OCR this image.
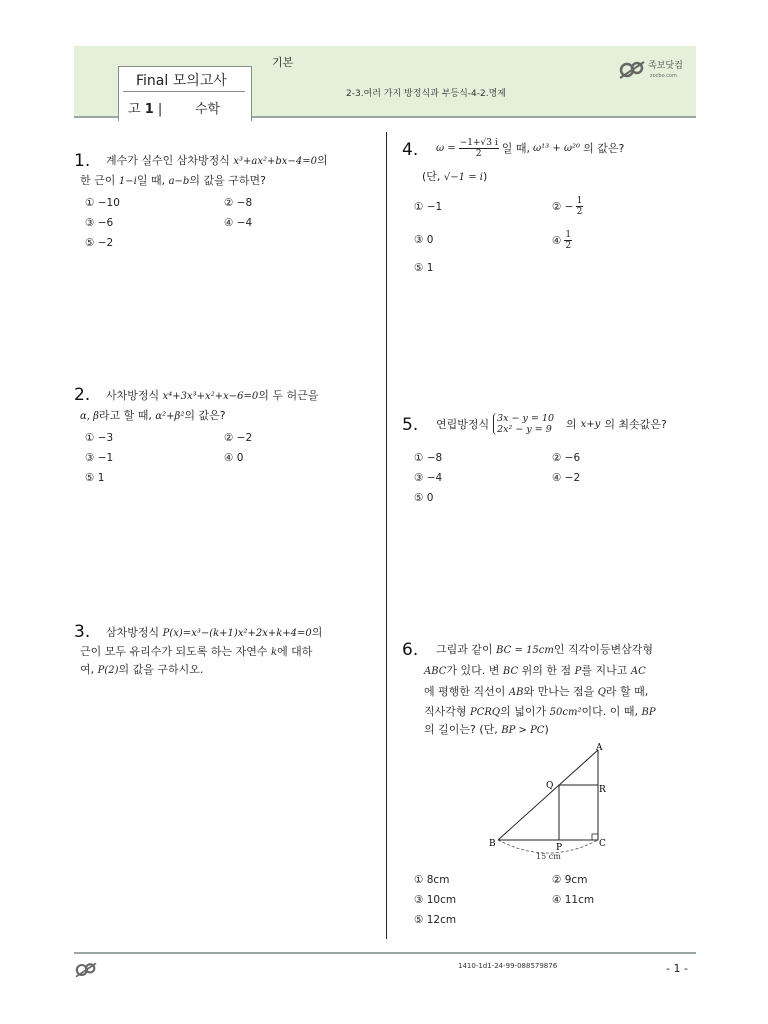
Final 모의고사
고 1 |	수학
기본
2-3.여러 가지 방정식과 부등식-4-2.명제
족보닷컴
zocbo.com
1. 계수가 실수인 삼차방정식 x³+ax²+bx−4=0의
한 근이 1−i일 때, a−b의 값을 구하면?
① −10	② −8
③ −6	④ −4
⑤ −2
2. 사차방정식 x⁴+3x³+x²+x−6=0의 두 허근을
α, β라고 할 때, α²+β²의 값은?
① −3	② −2
③ −1	④ 0
⑤ 1
3. 삼차방정식 P(x)=x³−(k+1)x²+2x+k+4=0의
근이 모두 유리수가 되도록 하는 자연수 k에 대하
여, P(2)의 값을 구하시오.
4. $\omega = \frac{-1+√3 i}{2}$ 일 때, ω¹³ + ω²⁰ 의 값은?
(단, √−1 = i)
① −1	② − $\frac{1}{2}$
③ 0	④ $\frac{1}{2}$
⑤ 1
5. 연립방정식 3x − y = 10
2x² − y = 9 의 x+y 의 최솟값은?
① −8	② −6
③ −4	④ −2
⑤ 0
6. 그림과 같이 BC = 15cm인 직각이등변삼각형
ABC가 있다. 변 BC 위의 한 점 P를 지나고 AC
에 평행한 직선이 AB와 만나는 점을 Q라 할 때,
직사각형 PCRQ의 넓이가 50cm²이다. 이 때, BP
의 길이는? (단, BP > PC)
A
Q	R
B	P	C
15 cm
① 8cm	② 9cm
③ 10cm	④ 11cm
⑤ 12cm
1410-1d1-24-99-088579876	- 1 -
